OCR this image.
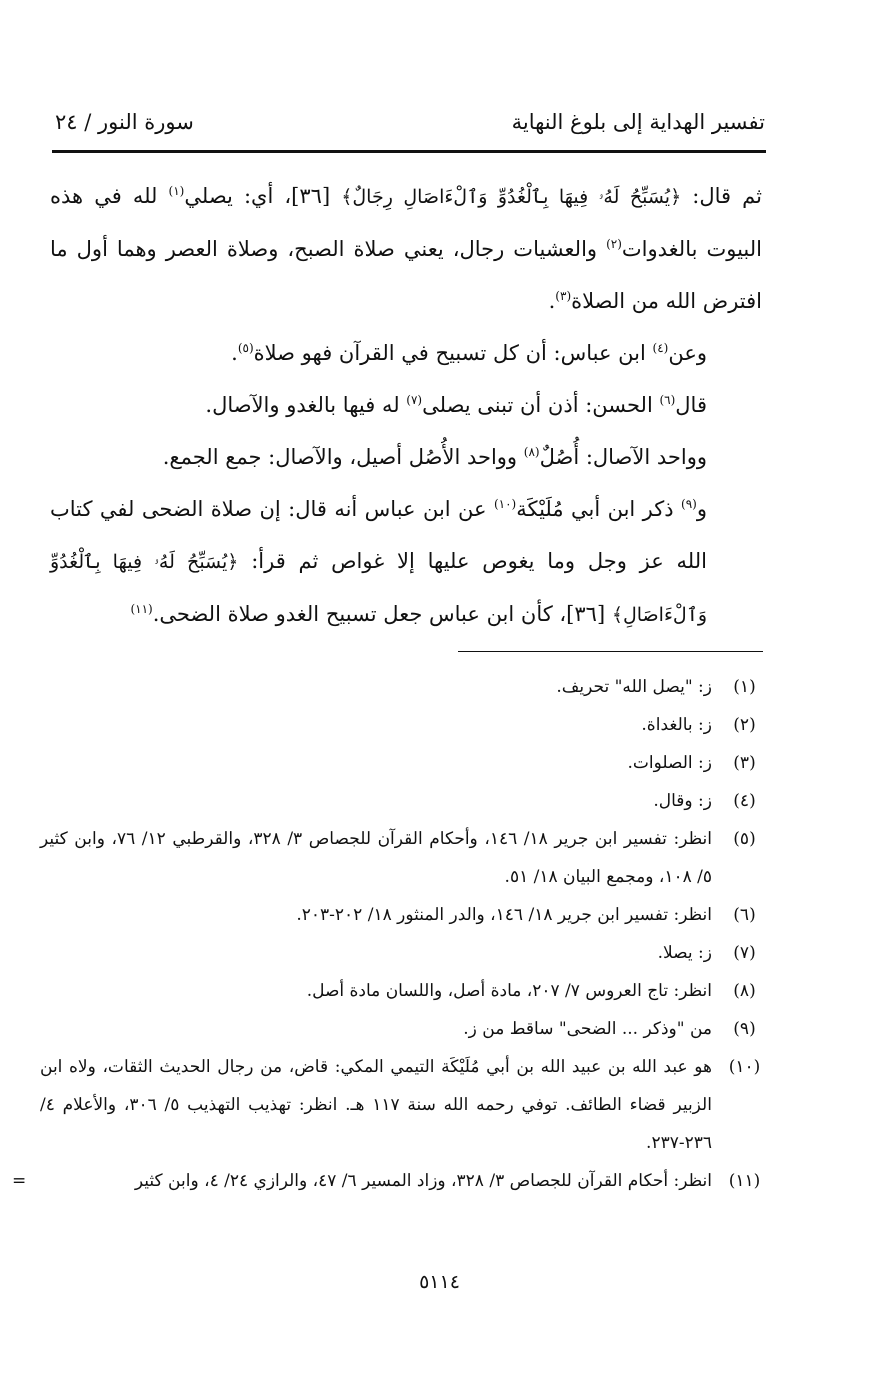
تفسير الهداية إلى بلوغ النهاية
سورة النور / ٢٤

ثم قال: ﴿يُسَبِّحُ لَهُۥ فِيهَا بِٱلْغُدُوِّ وَٱلْءَاصَالِ رِجَالٌ﴾ [٣٦]، أي: يصلي$^{(١)}$ لله في هذه البيوت بالغدوات$^{(٢)}$ والعشيات رجال، يعني صلاة الصبح، وصلاة العصر وهما أول ما افترض الله من الصلاة$^{(٣)}$.

وعن$^{(٤)}$ ابن عباس: أن كل تسبيح في القرآن فهو صلاة$^{(٥)}$.

قال$^{(٦)}$ الحسن: أذن أن تبنى يصلى$^{(٧)}$ له فيها بالغدو والآصال.

وواحد الآصال: أُصُلٌ$^{(٨)}$ وواحد الأُصُل أصيل، والآصال: جمع الجمع.

و$^{(٩)}$ ذكر ابن أبي مُلَيْكَة$^{(١٠)}$ عن ابن عباس أنه قال: إن صلاة الضحى لفي كتاب الله عز وجل وما يغوص عليها إلا غواص ثم قرأ: ﴿يُسَبِّحُ لَهُۥ فِيهَا بِٱلْغُدُوِّ وَٱلْءَاصَالِ﴾ [٣٦]، كأن ابن عباس جعل تسبيح الغدو صلاة الضحى.$^{(١١)}$

(١)
ز: "يصل الله" تحريف.
(٢)
ز: بالغداة.
(٣)
ز: الصلوات.
(٤)
ز: وقال.
(٥)
انظر: تفسير ابن جرير ١٨/ ١٤٦، وأحكام القرآن للجصاص ٣/ ٣٢٨، والقرطبي ١٢/ ٧٦، وابن كثير ٥/ ١٠٨، ومجمع البيان ١٨/ ٥١.
(٦)
انظر: تفسير ابن جرير ١٨/ ١٤٦، والدر المنثور ١٨/ ٢٠٢-٢٠٣.
(٧)
ز: يصلا.
(٨)
انظر: تاج العروس ٧/ ٢٠٧، مادة أصل، واللسان مادة أصل.
(٩)
من "وذكر ... الضحى" ساقط من ز.
(١٠)
هو عبد الله بن عبيد الله بن أبي مُلَيْكَة التيمي المكي: قاض، من رجال الحديث الثقات، ولاه ابن الزبير قضاء الطائف. توفي رحمه الله سنة ١١٧ هـ. انظر: تهذيب التهذيب ٥/ ٣٠٦، والأعلام ٤/ ٢٣٦-٢٣٧.
(١١)
انظر: أحكام القرآن للجصاص ٣/ ٣٢٨، وزاد المسير ٦/ ٤٧، والرازي ٢٤/ ٤، وابن كثير
=
٥١١٤
